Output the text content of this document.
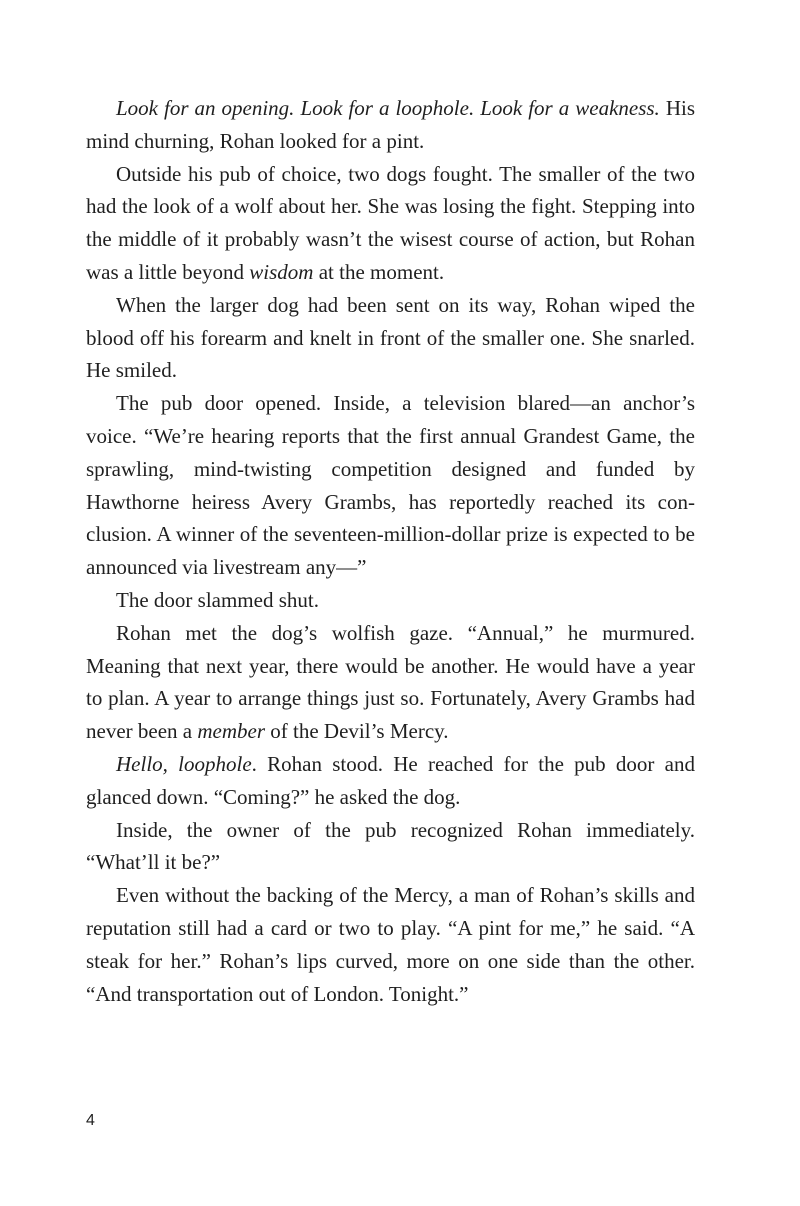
Look for an opening. Look for a loophole. Look for a weakness. His mind churning, Rohan looked for a pint.

Outside his pub of choice, two dogs fought. The smaller of the two had the look of a wolf about her. She was losing the fight. Stepping into the middle of it probably wasn’t the wisest course of action, but Rohan was a little beyond wisdom at the moment.

When the larger dog had been sent on its way, Rohan wiped the blood off his forearm and knelt in front of the smaller one. She snarled. He smiled.

The pub door opened. Inside, a television blared—an anchor’s voice. “We’re hearing reports that the first annual Grandest Game, the sprawling, mind-twisting competition designed and funded by Hawthorne heiress Avery Grambs, has reportedly reached its conclusion. A winner of the seventeen-million-dollar prize is expected to be announced via livestream any—”

The door slammed shut.

Rohan met the dog’s wolfish gaze. “Annual,” he murmured. Meaning that next year, there would be another. He would have a year to plan. A year to arrange things just so. Fortunately, Avery Grambs had never been a member of the Devil’s Mercy.

Hello, loophole. Rohan stood. He reached for the pub door and glanced down. “Coming?” he asked the dog.

Inside, the owner of the pub recognized Rohan immediately. “What’ll it be?”

Even without the backing of the Mercy, a man of Rohan’s skills and reputation still had a card or two to play. “A pint for me,” he said. “A steak for her.” Rohan’s lips curved, more on one side than the other. “And transportation out of London. Tonight.”

4
